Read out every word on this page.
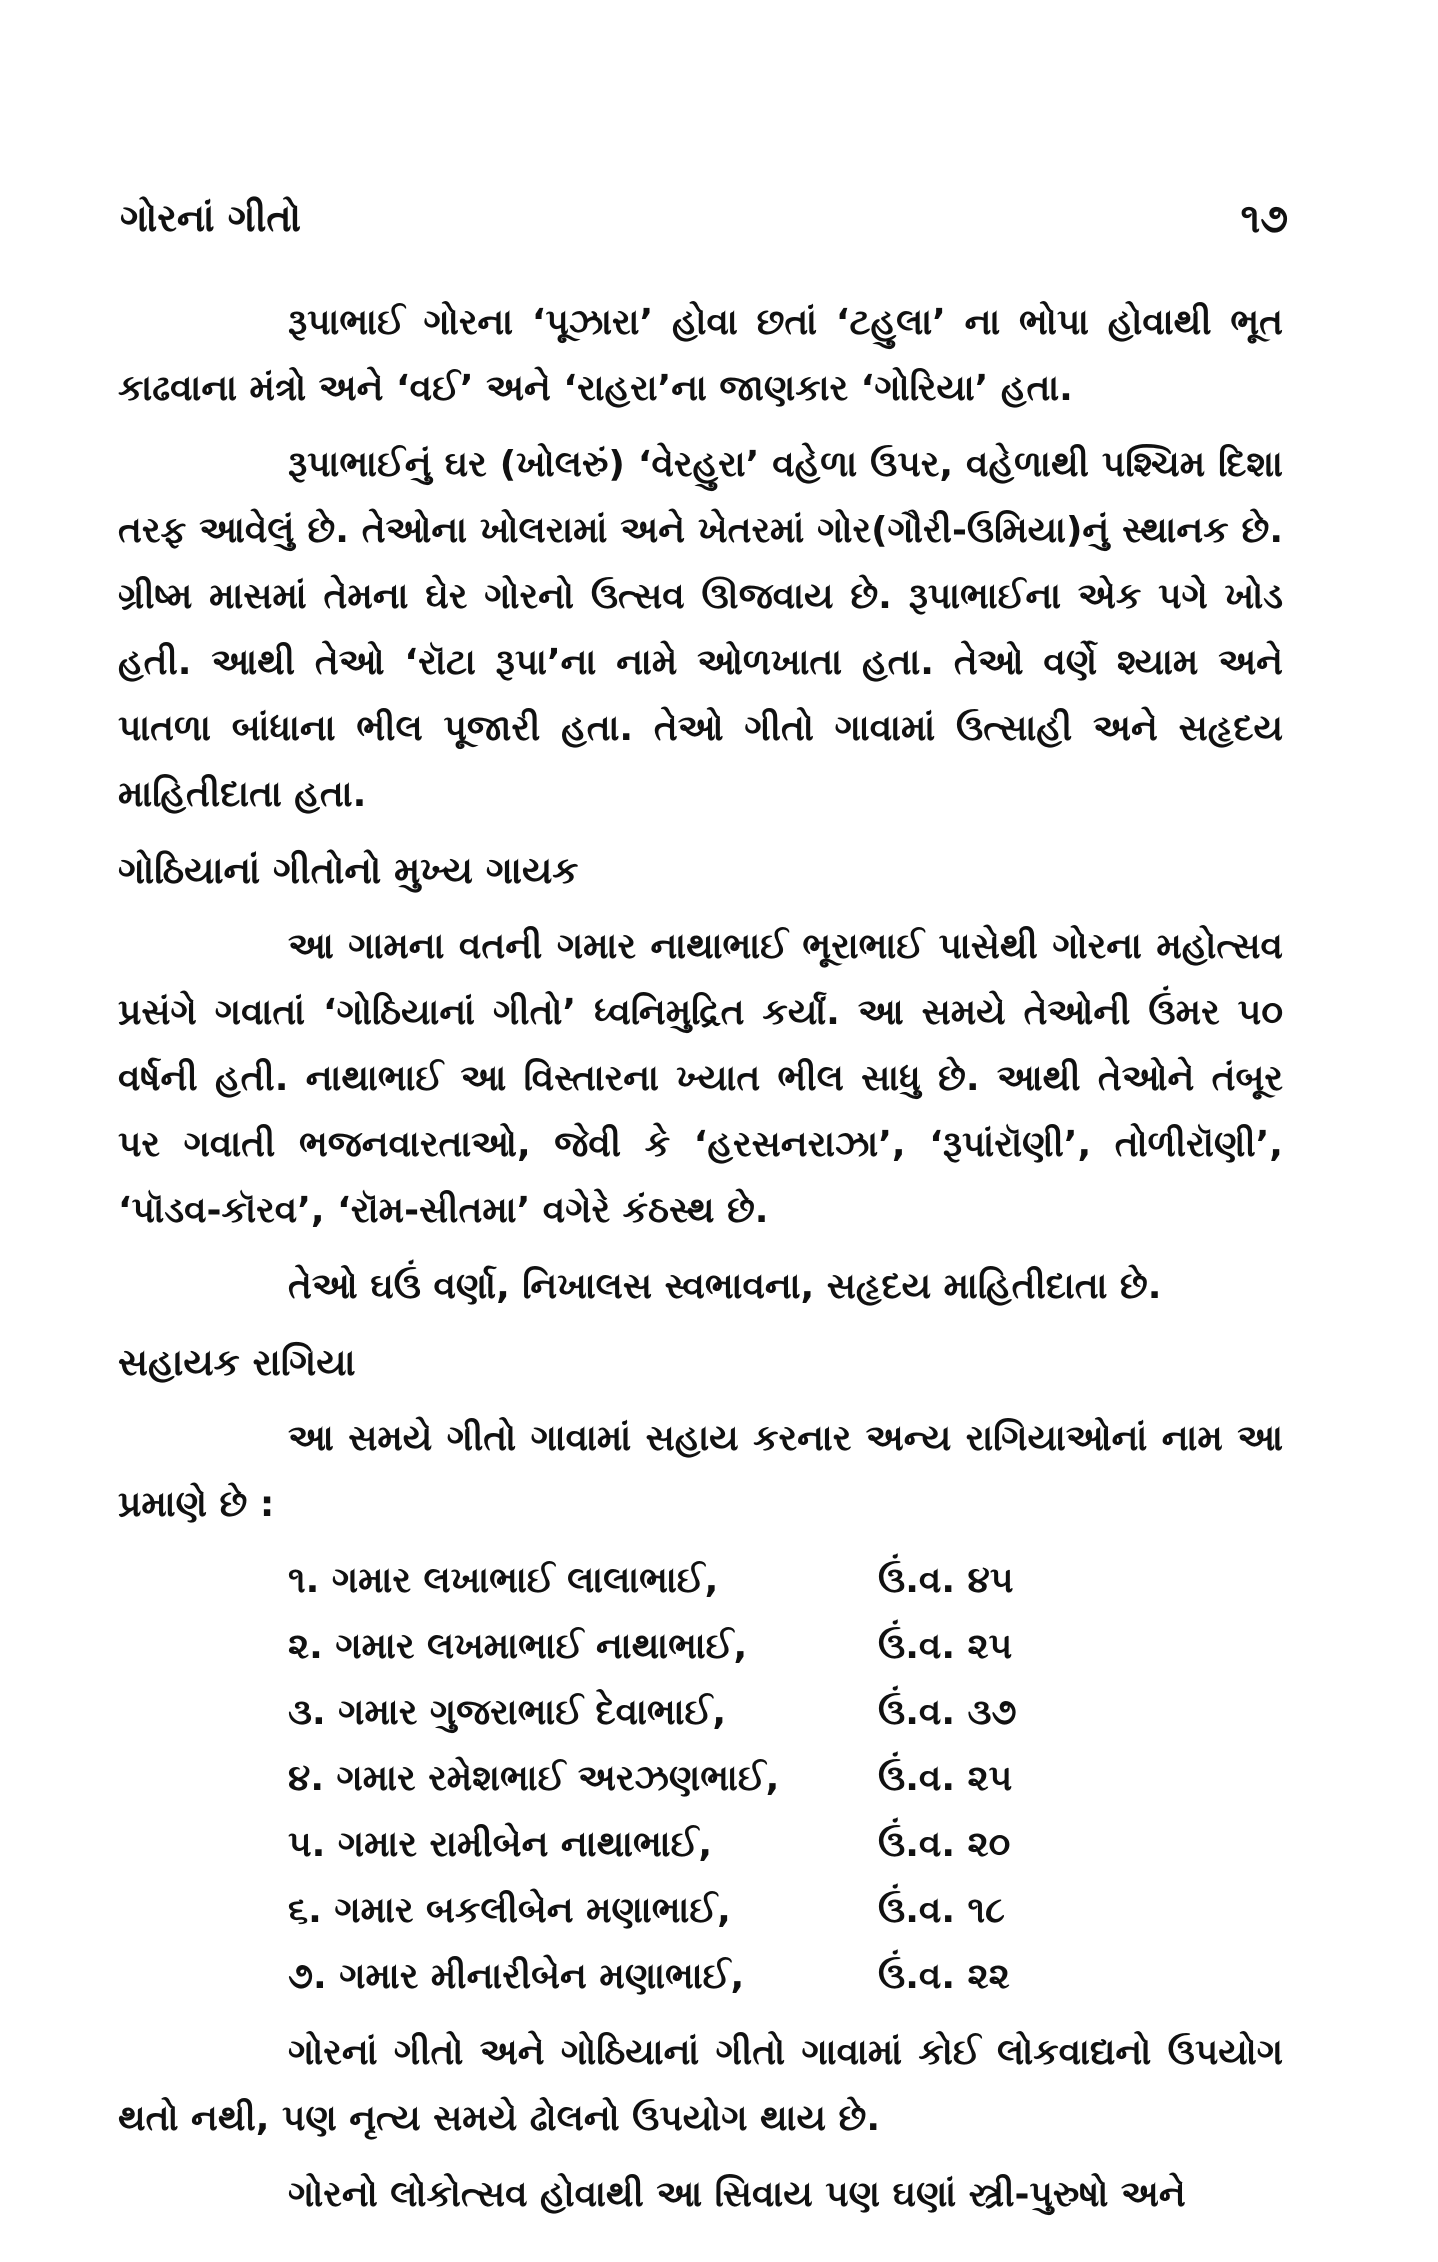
ગોરનાં ગીતો	૧૭

રૂપાભાઈ ગોરના ‘પૂઝારા’ હોવા છતાં ‘ટહુલા’ ના ભોપા હોવાથી ભૂત કાઢવાના મંત્રો અને ‘વઈ’ અને ‘રાહરા’ના જાણકાર ‘ગોરિયા’ હતા.

રૂપાભાઈનું ઘર (ખોલરું) ‘વેરહુરા’ વહેળા ઉપર, વહેળાથી પશ્ચિમ દિશા તરફ આવેલું છે. તેઓના ખોલરામાં અને ખેતરમાં ગોર(ગૌરી-ઉમિયા)નું સ્થાનક છે. ગ્રીષ્મ માસમાં તેમના ઘેર ગોરનો ઉત્સવ ઊજવાય છે. રૂપાભાઈના એક પગે ખોડ હતી. આથી તેઓ ‘રૉટા રૂપા’ના નામે ઓળખાતા હતા. તેઓ વર્ણે શ્યામ અને પાતળા બાંધાના ભીલ પૂજારી હતા. તેઓ ગીતો ગાવામાં ઉત્સાહી અને સહૃદય માહિતીદાતા હતા.

ગોઠિયાનાં ગીતોનો મુખ્ય ગાયક

આ ગામના વતની ગમાર નાથાભાઈ ભૂરાભાઈ પાસેથી ગોરના મહોત્સવ પ્રસંગે ગવાતાં ‘ગોઠિયાનાં ગીતો’ ધ્વનિમુદ્રિત કર્યાં. આ સમયે તેઓની ઉંમર ૫૦ વર્ષની હતી. નાથાભાઈ આ વિસ્તારના ખ્યાત ભીલ સાધુ છે. આથી તેઓને તંબૂર પર ગવાતી ભજનવારતાઓ, જેવી કે ‘હરસનરાઝા’, ‘રૂપાંરૉણી’, તોળીરૉણી’, ‘પૉડવ-કૉરવ’, ‘રૉમ-સીતમા’ વગેરે કંઠસ્થ છે.

તેઓ ઘઉં વર્ણા, નિખાલસ સ્વભાવના, સહૃદય માહિતીદાતા છે.

સહાયક રાગિયા

આ સમયે ગીતો ગાવામાં સહાય કરનાર અન્ય રાગિયાઓનાં નામ આ પ્રમાણે છે :

૧. ગમાર લખાભાઈ લાલાભાઈ,	ઉં.વ. ૪૫
૨. ગમાર લખમાભાઈ નાથાભાઈ,	ઉં.વ. ૨૫
૩. ગમાર ગુજરાભાઈ દેવાભાઈ,	ઉં.વ. ૩૭
૪. ગમાર રમેશભાઈ અરઝણભાઈ,	ઉં.વ. ૨૫
૫. ગમાર રામીબેન નાથાભાઈ,	ઉં.વ. ૨૦
૬. ગમાર બકલીબેન મણાભાઈ,	ઉં.વ. ૧૮
૭. ગમાર મીનારીબેન મણાભાઈ,	ઉં.વ. ૨૨

ગોરનાં ગીતો અને ગોઠિયાનાં ગીતો ગાવામાં કોઈ લોકવાદ્યનો ઉપયોગ થતો નથી, પણ નૃત્ય સમયે ઢોલનો ઉપયોગ થાય છે.

ગોરનો લોકોત્સવ હોવાથી આ સિવાય પણ ઘણાં સ્ત્રી-પુરુષો અને
